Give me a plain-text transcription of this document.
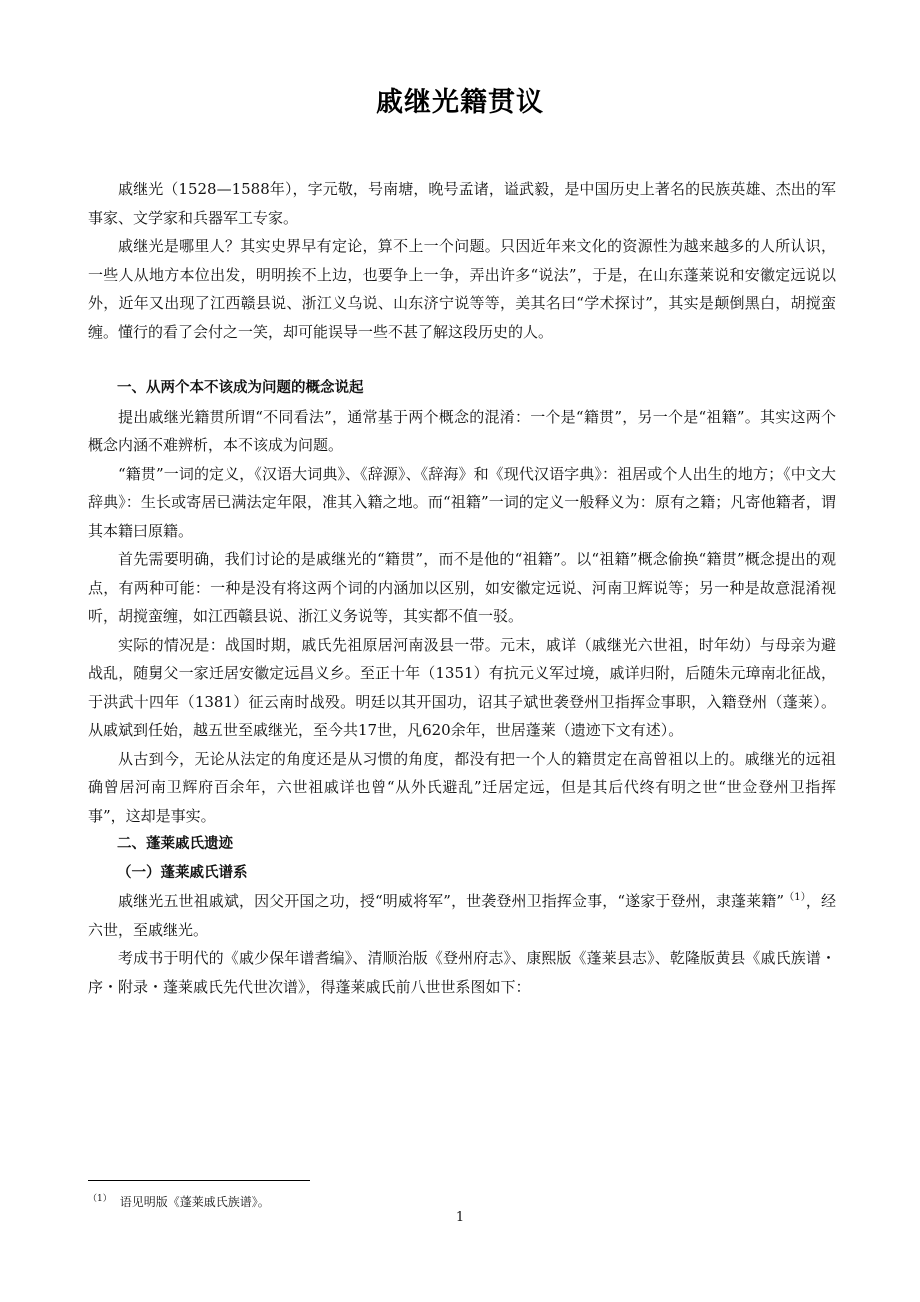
戚继光籍贯议

戚继光（1528—1588年），字元敬，号南塘，晚号孟诸，谥武毅，是中国历史上著名的民族英雄、杰出的军事家、文学家和兵器军工专家。

戚继光是哪里人？其实史界早有定论，算不上一个问题。只因近年来文化的资源性为越来越多的人所认识，一些人从地方本位出发，明明挨不上边，也要争上一争，弄出许多“说法”，于是，在山东蓬莱说和安徽定远说以外，近年又出现了江西赣县说、浙江义乌说、山东济宁说等等，美其名曰“学术探讨”，其实是颠倒黑白，胡搅蛮缠。懂行的看了会付之一笑，却可能误导一些不甚了解这段历史的人。

一、从两个本不该成为问题的概念说起

提出戚继光籍贯所谓“不同看法”，通常基于两个概念的混淆：一个是“籍贯”，另一个是“祖籍”。其实这两个概念内涵不难辨析，本不该成为问题。

“籍贯”一词的定义，《汉语大词典》、《辞源》、《辞海》和《现代汉语字典》：祖居或个人出生的地方；《中文大辞典》：生长或寄居已满法定年限，准其入籍之地。而“祖籍”一词的定义一般释义为：原有之籍；凡寄他籍者，谓其本籍曰原籍。

首先需要明确，我们讨论的是戚继光的“籍贯”，而不是他的“祖籍”。以“祖籍”概念偷换“籍贯”概念提出的观点，有两种可能：一种是没有将这两个词的内涵加以区别，如安徽定远说、河南卫辉说等；另一种是故意混淆视听，胡搅蛮缠，如江西赣县说、浙江义务说等，其实都不值一驳。

实际的情况是：战国时期，戚氏先祖原居河南汲县一带。元末，戚详（戚继光六世祖，时年幼）与母亲为避战乱，随舅父一家迁居安徽定远昌义乡。至正十年（1351）有抗元义军过境，戚详归附，后随朱元璋南北征战，于洪武十四年（1381）征云南时战殁。明廷以其开国功，诏其子斌世袭登州卫指挥佥事职，入籍登州（蓬莱）。从戚斌到任始，越五世至戚继光，至今共17世，凡620余年，世居蓬莱（遗迹下文有述）。

从古到今，无论从法定的角度还是从习惯的角度，都没有把一个人的籍贯定在高曾祖以上的。戚继光的远祖确曾居河南卫辉府百余年，六世祖戚详也曾“从外氏避乱”迁居定远，但是其后代终有明之世“世佥登州卫指挥事”，这却是事实。

二、蓬莱戚氏遗迹

（一）蓬莱戚氏谱系

戚继光五世祖戚斌，因父开国之功，授“明威将军”，世袭登州卫指挥佥事，“遂家于登州，隶蓬莱籍”$^{(1)}$，经六世，至戚继光。

考成书于明代的《戚少保年谱耆编》、清顺治版《登州府志》、康熙版《蓬莱县志》、乾隆版黄县《戚氏族谱・序・附录・蓬莱戚氏先代世次谱》，得蓬莱戚氏前八世世系图如下：

$^{(1)}$ 语见明版《蓬莱戚氏族谱》。
1
